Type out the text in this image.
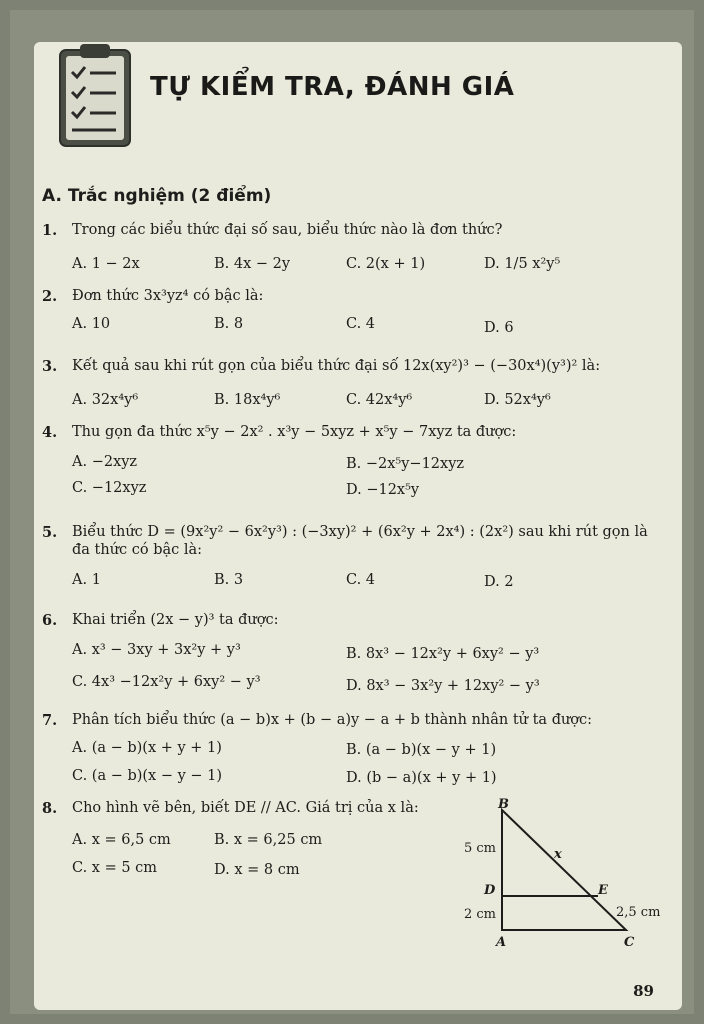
TỰ KIỂM TRA, ĐÁNH GIÁ
A. Trắc nghiệm (2 điểm)
1. Trong các biểu thức đại số sau, biểu thức nào là đơn thức?
A. 1 − 2x	B. 4x − 2y	C. 2(x + 1)	D. 1/5 x²y⁵
2. Đơn thức 3x³yz⁴ có bậc là:
A. 10	B. 8	C. 4	D. 6
3. Kết quả sau khi rút gọn của biểu thức đại số 12x(xy²)³ − (−30x⁴)(y³)² là:
A. 32x⁴y⁶	B. 18x⁴y⁶	C. 42x⁴y⁶	D. 52x⁴y⁶
4. Thu gọn đa thức x⁵y − 2x² . x³y − 5xyz + x⁵y − 7xyz ta được:
A. −2xyz	B. −2x⁵y−12xyz
C. −12xyz	D. −12x⁵y
5. Biểu thức D = (9x²y² − 6x²y³) : (−3xy)² + (6x²y + 2x⁴) : (2x²) sau khi rút gọn là
đa thức có bậc là:
A. 1	B. 3	C. 4	D. 2
6. Khai triển (2x − y)³ ta được:
A. x³ − 3xy + 3x²y + y³	B. 8x³ − 12x²y + 6xy² − y³
C. 4x³ −12x²y + 6xy² − y³	D. 8x³ − 3x²y + 12xy² − y³
7. Phân tích biểu thức (a − b)x + (b − a)y − a + b thành nhân tử ta được:
A. (a − b)(x + y + 1)	B. (a − b)(x − y + 1)
C. (a − b)(x − y − 1)	D. (b − a)(x + y + 1)
8. Cho hình vẽ bên, biết DE // AC. Giá trị của x là:
A. x = 6,5 cm	B. x = 6,25 cm
C. x = 5 cm	D. x = 8 cm
B
D	E
A	C
x
5 cm
2 cm	2,5 cm
89
